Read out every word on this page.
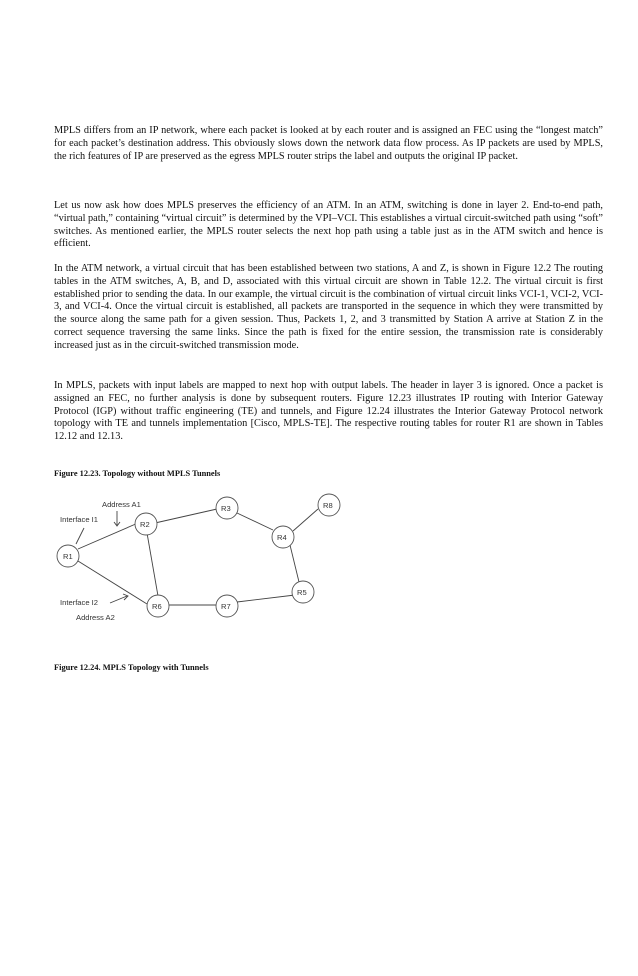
MPLS differs from an IP network, where each packet is looked at by each router and is assigned an FEC using the “longest match” for each packet’s destination address. This obviously slows down the network data flow process. As IP packets are used by MPLS, the rich features of IP are preserved as the egress MPLS router strips the label and outputs the original IP packet.

Let us now ask how does MPLS preserves the efficiency of an ATM. In an ATM, switching is done in layer 2. End-to-end path, “virtual path,” containing “virtual circuit” is determined by the VPI–VCI. This establishes a virtual circuit-switched path using “soft” switches. As mentioned earlier, the MPLS router selects the next hop path using a table just as in the ATM switch and hence is efficient.

In the ATM network, a virtual circuit that has been established between two stations, A and Z, is shown in Figure 12.2 The routing tables in the ATM switches, A, B, and D, associated with this virtual circuit are shown in Table 12.2. The virtual circuit is first established prior to sending the data. In our example, the virtual circuit is the combination of virtual circuit links VCI-1, VCI-2, VCI-3, and VCI-4. Once the virtual circuit is established, all packets are transported in the sequence in which they were transmitted by the source along the same path for a given session. Thus, Packets 1, 2, and 3 transmitted by Station A arrive at Station Z in the correct sequence traversing the same links. Since the path is fixed for the entire session, the transmission rate is considerably increased just as in the circuit-switched transmission mode.

In MPLS, packets with input labels are mapped to next hop with output labels. The header in layer 3 is ignored. Once a packet is assigned an FEC, no further analysis is done by subsequent routers. Figure 12.23 illustrates IP routing with Interior Gateway Protocol (IGP) without traffic engineering (TE) and tunnels, and Figure 12.24 illustrates the Interior Gateway Protocol network topology with TE and tunnels implementation [Cisco, MPLS-TE]. The respective routing tables for router R1 are shown in Tables 12.12 and 12.13.

Figure 12.23. Topology without MPLS Tunnels

Address A1
Interface I1
Interface I2
Address A2
R1
R2
R3
R4
R5
R6	R7
R8

Figure 12.24. MPLS Topology with Tunnels
